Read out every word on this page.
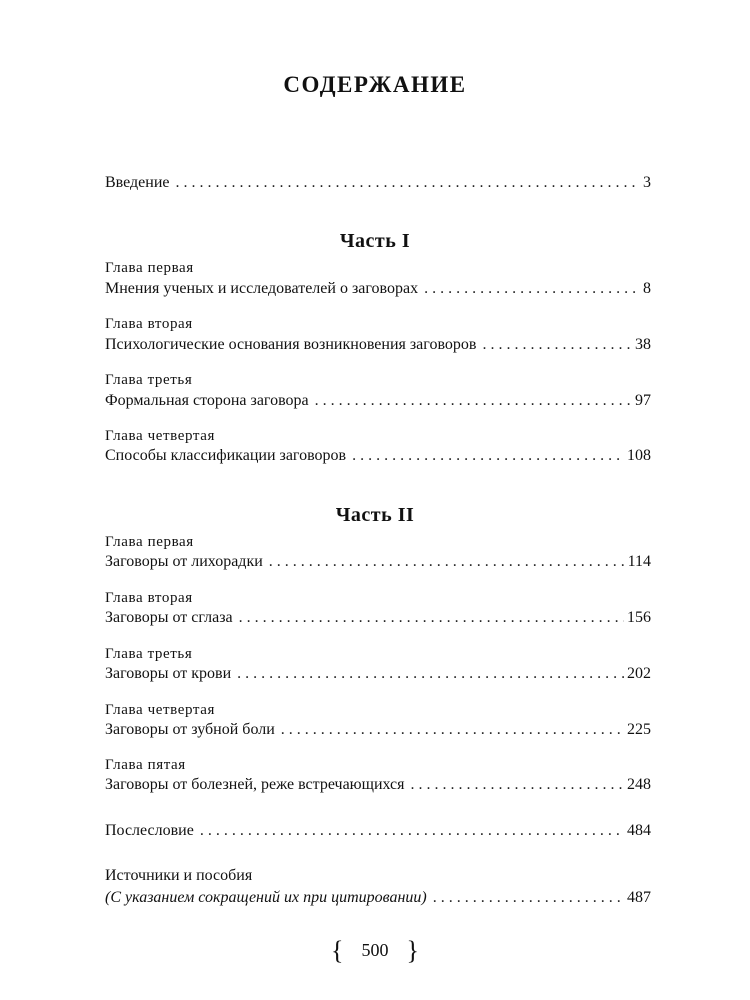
СОДЕРЖАНИЕ
Введение . . .	3
Часть I
Глава первая
Мнения ученых и исследователей о заговорах . . .	8
Глава вторая
Психологические основания возникновения заговоров . . .	38
Глава третья
Формальная сторона заговора . . .	97
Глава четвертая
Способы классификации заговоров . . .	108
Часть II
Глава первая
Заговоры от лихорадки . . .	114
Глава вторая
Заговоры от сглаза . . .	156
Глава третья
Заговоры от крови . . .	202
Глава четвертая
Заговоры от зубной боли . . .	225
Глава пятая
Заговоры от болезней, реже встречающихся . . .	248
Послесловие . . .	484
Источники и пособия
(С указанием сокращений их при цитировании) . . .	487
{ 500 }
